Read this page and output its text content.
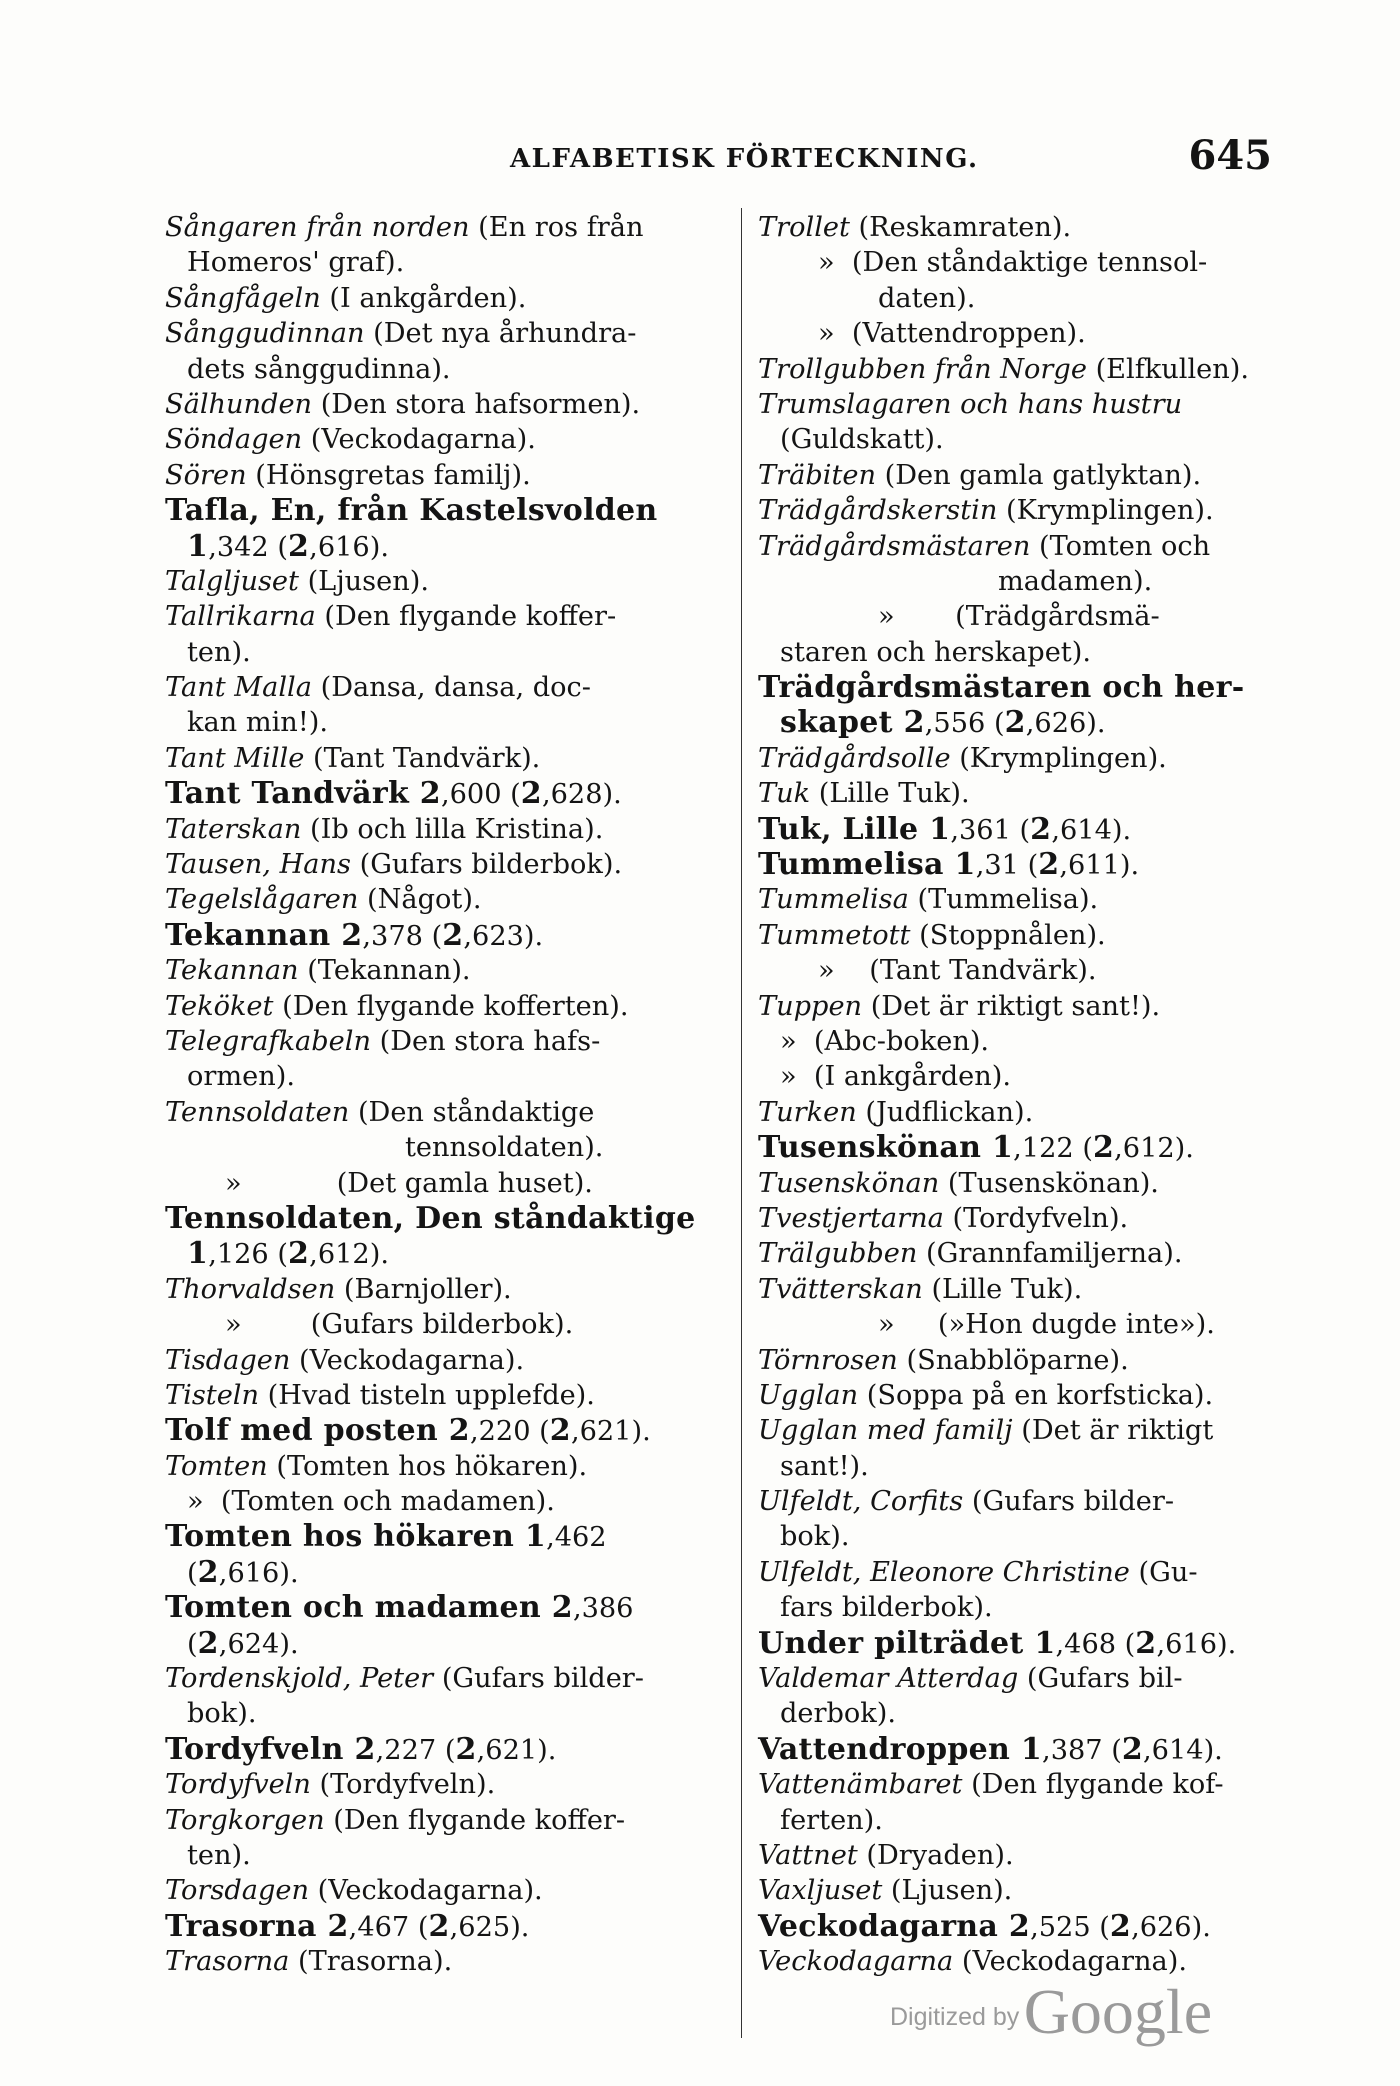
ALFABETISK FÖRTECKNING.	645
Sångaren från norden (En ros från
Homeros' graf).
Sångfågeln (I ankgården).
Sånggudinnan (Det nya århundra-
dets sånggudinna).
Sälhunden (Den stora hafsormen).
Söndagen (Veckodagarna).
Sören (Hönsgretas familj).
Tafla, En, från Kastelsvolden
1,342 (2,616).
Talgljuset (Ljusen).
Tallrikarna (Den flygande koffer-
ten).
Tant Malla (Dansa, dansa, doc-
kan min!).
Tant Mille (Tant Tandvärk).
Tant Tandvärk 2,600 (2,628).
Taterskan (Ib och lilla Kristina).
Tausen, Hans (Gufars bilderbok).
Tegelslågaren (Något).
Tekannan 2,378 (2,623).
Tekannan (Tekannan).
Teköket (Den flygande kofferten).
Telegrafkabeln (Den stora hafs-
ormen).
Tennsoldaten (Den ståndaktige
tennsoldaten).
»           (Det gamla huset).
Tennsoldaten, Den ståndaktige
1,126 (2,612).
Thorvaldsen (Barnjoller).
»        (Gufars bilderbok).
Tisdagen (Veckodagarna).
Tisteln (Hvad tisteln upplefde).
Tolf med posten 2,220 (2,621).
Tomten (Tomten hos hökaren).
»  (Tomten och madamen).
Tomten hos hökaren 1,462
(2,616).
Tomten och madamen 2,386
(2,624).
Tordenskjold, Peter (Gufars bilder-
bok).
Tordyfveln 2,227 (2,621).
Tordyfveln (Tordyfveln).
Torgkorgen (Den flygande koffer-
ten).
Torsdagen (Veckodagarna).
Trasorna 2,467 (2,625).
Trasorna (Trasorna).
Trollet (Reskamraten).
»  (Den ståndaktige tennsol-
daten).
»  (Vattendroppen).
Trollgubben från Norge (Elfkullen).
Trumslagaren och hans hustru
(Guldskatt).
Träbiten (Den gamla gatlyktan).
Trädgårdskerstin (Krymplingen).
Trädgårdsmästaren (Tomten och
madamen).
»       (Trädgårdsmä-
staren och herskapet).
Trädgårdsmästaren och her-
skapet 2,556 (2,626).
Trädgårdsolle (Krymplingen).
Tuk (Lille Tuk).
Tuk, Lille 1,361 (2,614).
Tummelisa 1,31 (2,611).
Tummelisa (Tummelisa).
Tummetott (Stoppnålen).
»    (Tant Tandvärk).
Tuppen (Det är riktigt sant!).
»  (Abc-boken).
»  (I ankgården).
Turken (Judflickan).
Tusenskönan 1,122 (2,612).
Tusenskönan (Tusenskönan).
Tvestjertarna (Tordyfveln).
Trälgubben (Grannfamiljerna).
Tvätterskan (Lille Tuk).
»     (»Hon dugde inte»).
Törnrosen (Snabblöparne).
Ugglan (Soppa på en korfsticka).
Ugglan med familj (Det är riktigt
sant!).
Ulfeldt, Corfits (Gufars bilder-
bok).
Ulfeldt, Eleonore Christine (Gu-
fars bilderbok).
Under pilträdet 1,468 (2,616).
Valdemar Atterdag (Gufars bil-
derbok).
Vattendroppen 1,387 (2,614).
Vattenämbaret (Den flygande kof-
ferten).
Vattnet (Dryaden).
Vaxljuset (Ljusen).
Veckodagarna 2,525 (2,626).
Veckodagarna (Veckodagarna).
Digitized by Google
